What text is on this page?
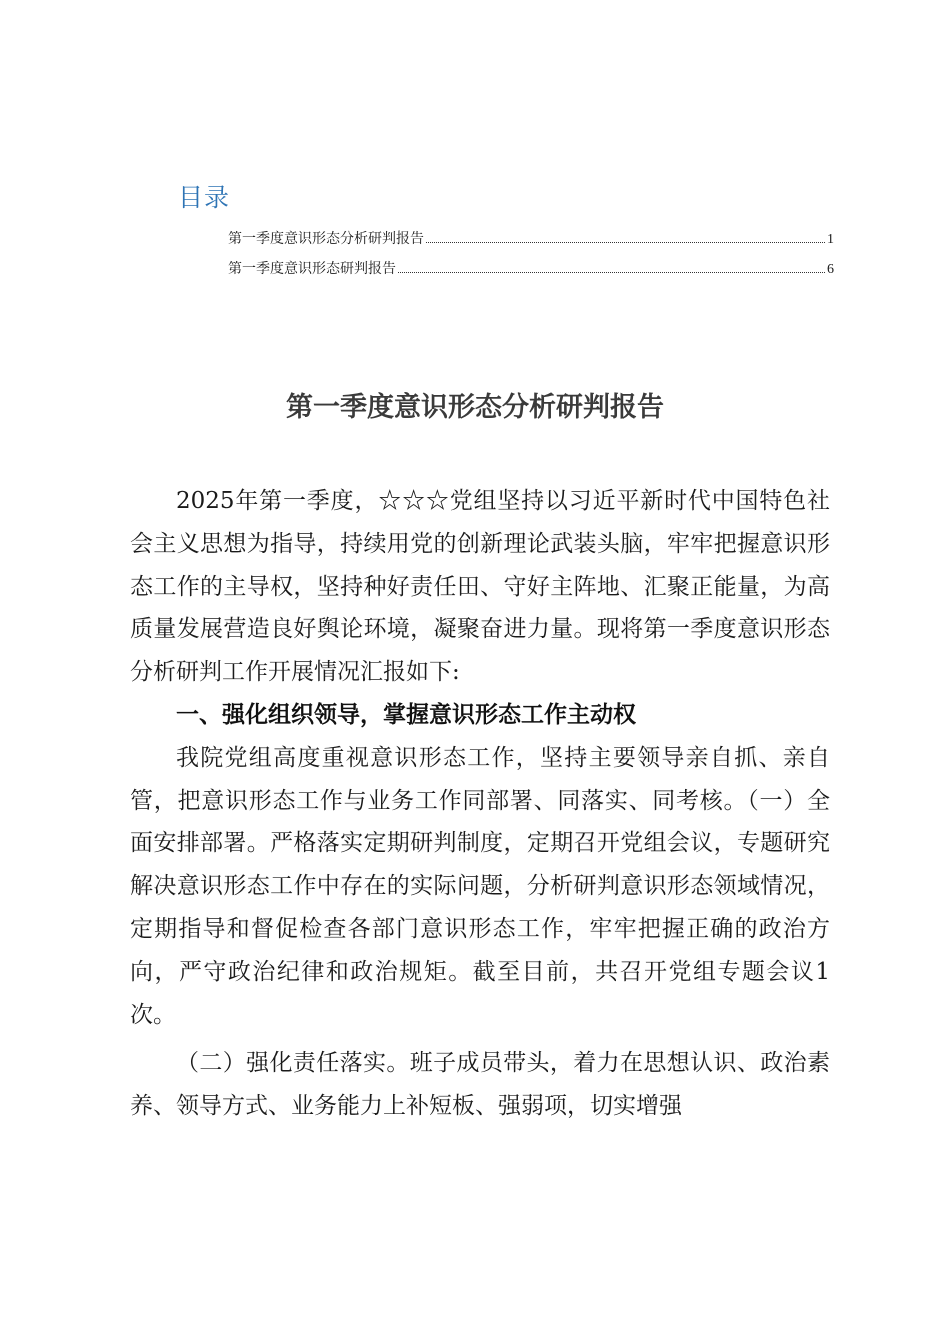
目录
第一季度意识形态分析研判报告	1
第一季度意识形态研判报告	6
第一季度意识形态分析研判报告

2025年第一季度，☆☆☆党组坚持以习近平新时代中国特色社会主义思想为指导，持续用党的创新理论武装头脑，牢牢把握意识形态工作的主导权，坚持种好责任田、守好主阵地、汇聚正能量，为高质量发展营造良好舆论环境，凝聚奋进力量。现将第一季度意识形态分析研判工作开展情况汇报如下:

一、强化组织领导，掌握意识形态工作主动权

我院党组高度重视意识形态工作，坚持主要领导亲自抓、亲自管，把意识形态工作与业务工作同部署、同落实、同考核。（一）全面安排部署。严格落实定期研判制度，定期召开党组会议，专题研究解决意识形态工作中存在的实际问题，分析研判意识形态领域情况，定期指导和督促检查各部门意识形态工作，牢牢把握正确的政治方向，严守政治纪律和政治规矩。截至目前，共召开党组专题会议1次。

（二）强化责任落实。班子成员带头，着力在思想认识、政治素养、领导方式、业务能力上补短板、强弱项，切实增强
